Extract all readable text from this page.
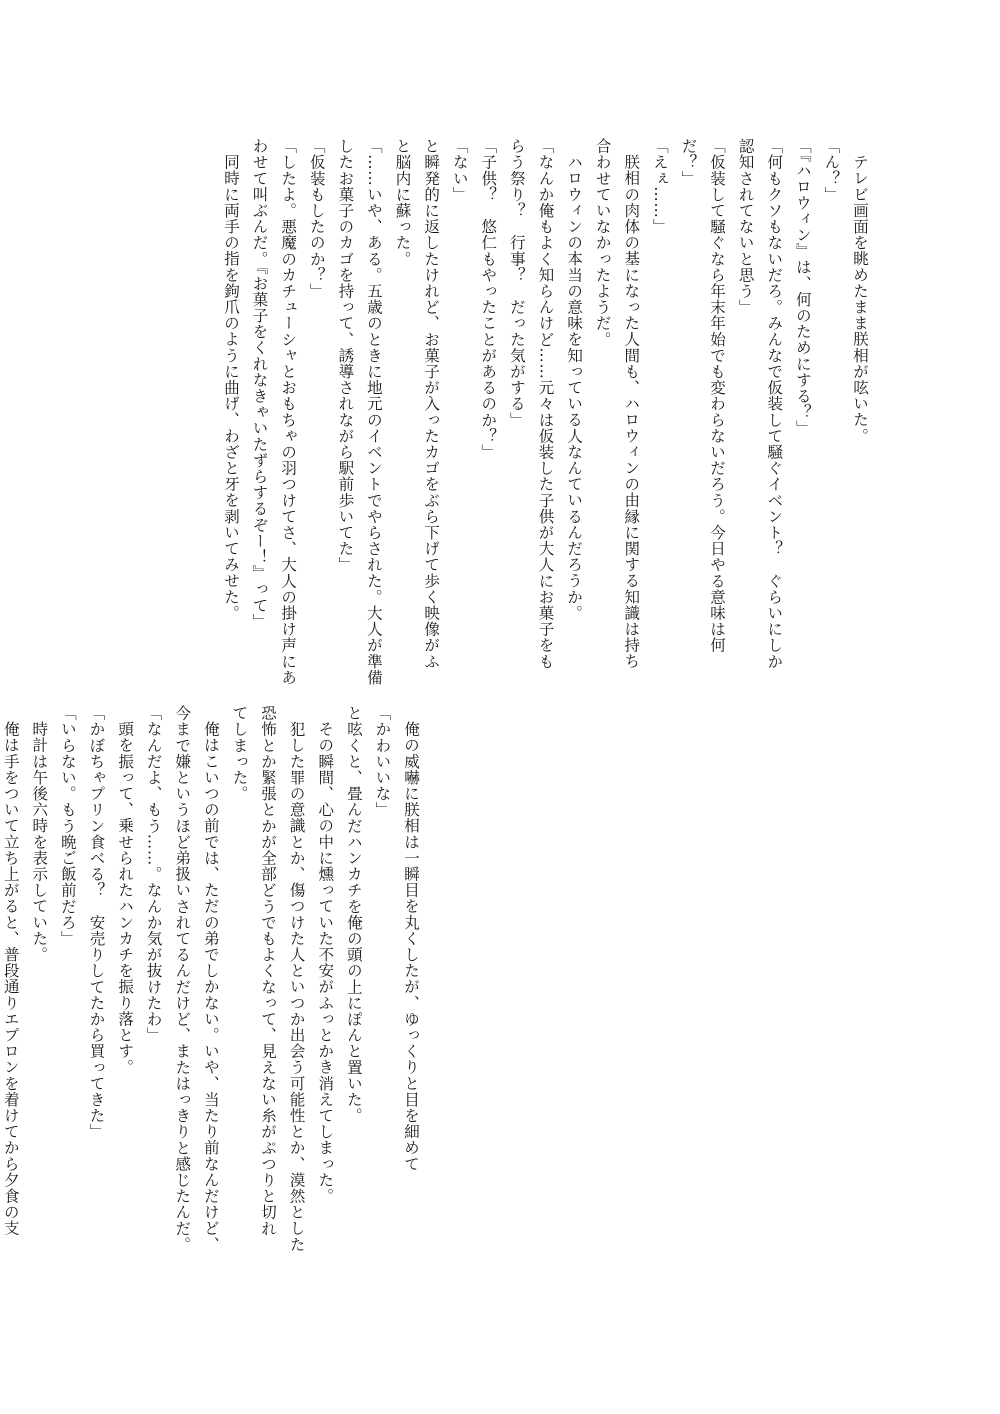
テレビ画面を眺めたまま朕相が呟いた。

「ん？」

「『ハロウィン』は、何のためにする？」

「何もクソもないだろ。みんなで仮装して騒ぐイベント？　ぐらいにしか

認知されてないと思う」

「仮装して騒ぐなら年末年始でも変わらないだろう。今日やる意味は何

だ？」

「えぇ……」

朕相の肉体の基になった人間も、ハロウィンの由縁に関する知識は持ち

合わせていなかったようだ。

ハロウィンの本当の意味を知っている人なんているんだろうか。

「なんか俺もよく知らんけど……元々は仮装した子供が大人にお菓子をも

らう祭り？　行事？　だった気がする」

「子供？　悠仁もやったことがあるのか？」

「ない」

と瞬発的に返したけれど、お菓子が入ったカゴをぶら下げて歩く映像がふ

と脳内に蘇った。

「……いや、ある。五歳のときに地元のイベントでやらされた。大人が準備

したお菓子のカゴを持って、誘導されながら駅前歩いてた」

「仮装もしたのか？」

「したよ。悪魔のカチューシャとおもちゃの羽つけてさ、大人の掛け声にあ

わせて叫ぶんだ。『お菓子をくれなきゃいたずらするぞー！』って」

同時に両手の指を鉤爪のように曲げ、わざと牙を剥いてみせた。

俺の威嚇に朕相は一瞬目を丸くしたが、ゆっくりと目を細めて

「かわいいな」

と呟くと、畳んだハンカチを俺の頭の上にぽんと置いた。

その瞬間、心の中に燻っていた不安がふっとかき消えてしまった。

犯した罪の意識とか、傷つけた人といつか出会う可能性とか、漠然とした

恐怖とか緊張とかが全部どうでもよくなって、見えない糸がぷつりと切れ

てしまった。

俺はこいつの前では、ただの弟でしかない。いや、当たり前なんだけど、

今まで嫌というほど弟扱いされてるんだけど、またはっきりと感じたんだ。

「なんだよ、もう……。なんか気が抜けたわ」

頭を振って、乗せられたハンカチを振り落とす。

「かぼちゃプリン食べる？　安売りしてたから買ってきた」

「いらない。もう晩ご飯前だろ」

時計は午後六時を表示していた。

俺は手をついて立ち上がると、普段通りエプロンを着けてから夕食の支
